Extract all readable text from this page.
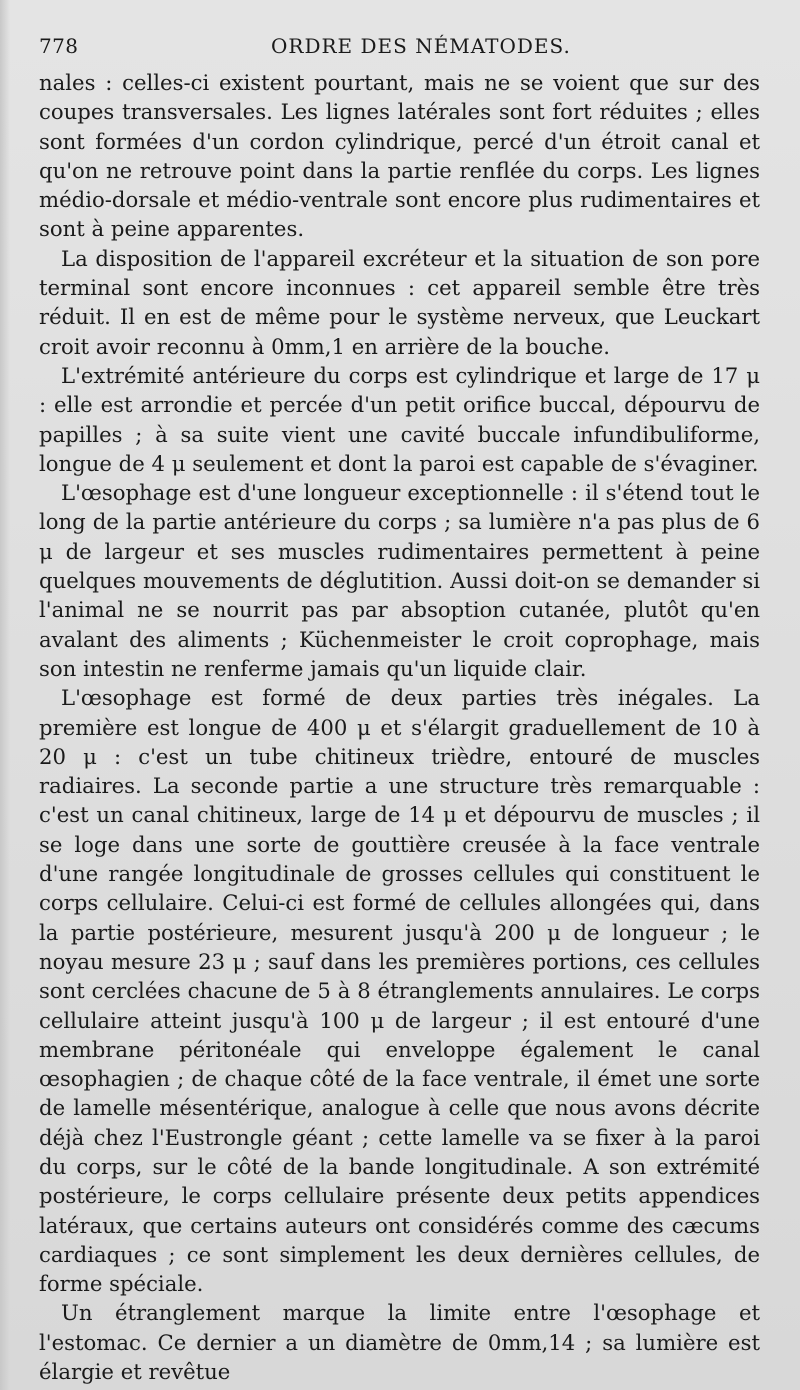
778	ORDRE DES NÉMATODES.

nales : celles-ci existent pourtant, mais ne se voient que sur des coupes transversales. Les lignes latérales sont fort réduites ; elles sont formées d'un cordon cylindrique, percé d'un étroit canal et qu'on ne retrouve point dans la partie renflée du corps. Les lignes médio-dorsale et médio-ventrale sont encore plus rudimentaires et sont à peine apparentes.

La disposition de l'appareil excréteur et la situation de son pore terminal sont encore inconnues : cet appareil semble être très réduit. Il en est de même pour le système nerveux, que Leuckart croit avoir reconnu à 0mm,1 en arrière de la bouche.

L'extrémité antérieure du corps est cylindrique et large de 17 μ : elle est arrondie et percée d'un petit orifice buccal, dépourvu de papilles ; à sa suite vient une cavité buccale infundibuliforme, longue de 4 μ seulement et dont la paroi est capable de s'évaginer.

L'œsophage est d'une longueur exceptionnelle : il s'étend tout le long de la partie antérieure du corps ; sa lumière n'a pas plus de 6 μ de largeur et ses muscles rudimentaires permettent à peine quelques mouvements de déglutition. Aussi doit-on se demander si l'animal ne se nourrit pas par absoption cutanée, plutôt qu'en avalant des aliments ; Küchenmeister le croit coprophage, mais son intestin ne renferme jamais qu'un liquide clair.

L'œsophage est formé de deux parties très inégales. La première est longue de 400 μ et s'élargit graduellement de 10 à 20 μ : c'est un tube chitineux trièdre, entouré de muscles radiaires. La seconde partie a une structure très remarquable : c'est un canal chitineux, large de 14 μ et dépourvu de muscles ; il se loge dans une sorte de gouttière creusée à la face ventrale d'une rangée longitudinale de grosses cellules qui constituent le corps cellulaire. Celui-ci est formé de cellules allongées qui, dans la partie postérieure, mesurent jusqu'à 200 μ de longueur ; le noyau mesure 23 μ ; sauf dans les premières portions, ces cellules sont cerclées chacune de 5 à 8 étranglements annulaires. Le corps cellulaire atteint jusqu'à 100 μ de largeur ; il est entouré d'une membrane péritonéale qui enveloppe également le canal œsophagien ; de chaque côté de la face ventrale, il émet une sorte de lamelle mésentérique, analogue à celle que nous avons décrite déjà chez l'Eustrongle géant ; cette lamelle va se fixer à la paroi du corps, sur le côté de la bande longitudinale. A son extrémité postérieure, le corps cellulaire présente deux petits appendices latéraux, que certains auteurs ont considérés comme des cæcums cardiaques ; ce sont simplement les deux dernières cellules, de forme spéciale.

Un étranglement marque la limite entre l'œsophage et l'estomac. Ce dernier a un diamètre de 0mm,14 ; sa lumière est élargie et revêtue
